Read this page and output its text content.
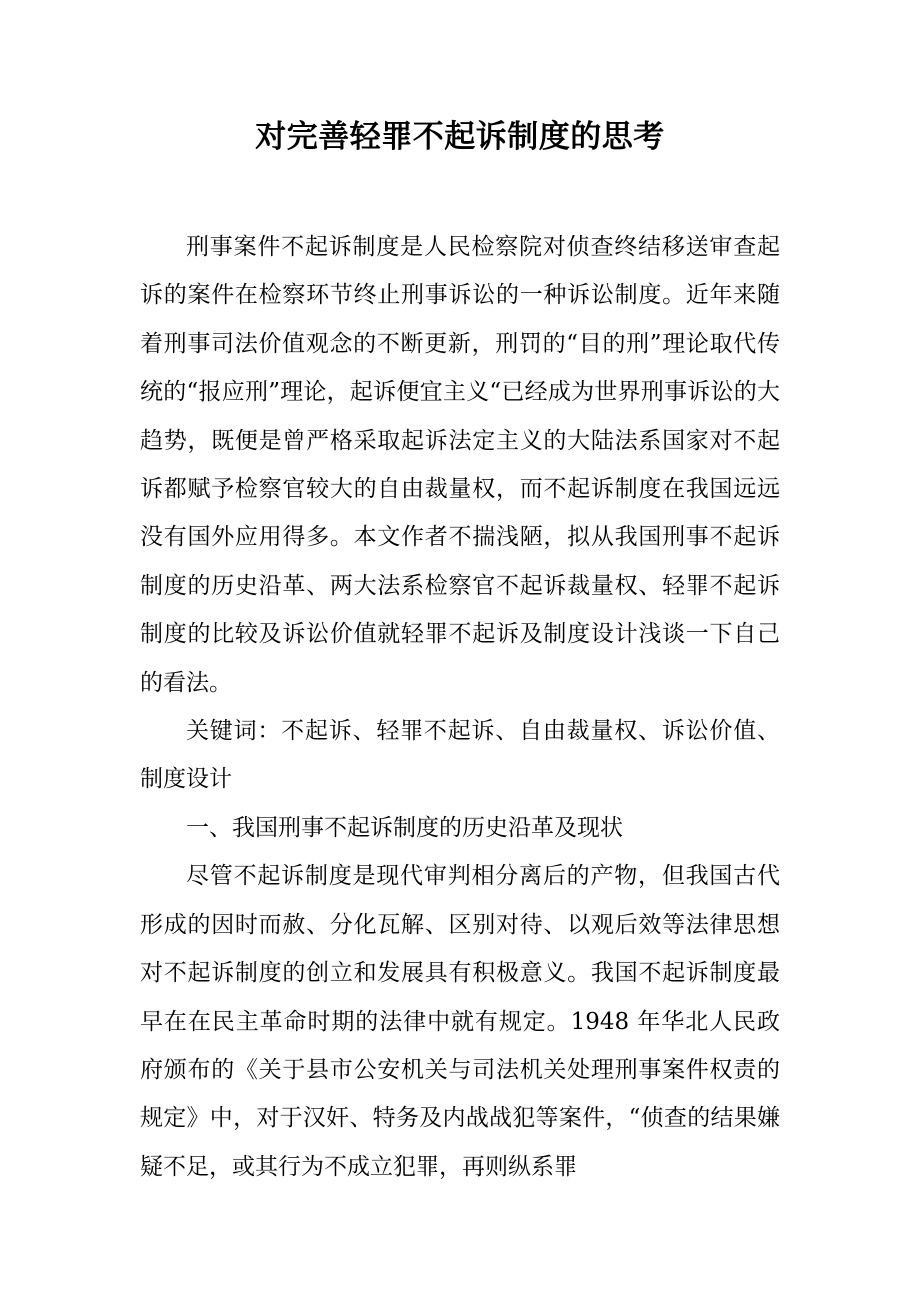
对完善轻罪不起诉制度的思考

刑事案件不起诉制度是人民检察院对侦查终结移送审查起诉的案件在检察环节终止刑事诉讼的一种诉讼制度。近年来随着刑事司法价值观念的不断更新，刑罚的“目的刑”理论取代传统的“报应刑”理论，起诉便宜主义“已经成为世界刑事诉讼的大趋势，既便是曾严格采取起诉法定主义的大陆法系国家对不起诉都赋予检察官较大的自由裁量权，而不起诉制度在我国远远没有国外应用得多。本文作者不揣浅陋，拟从我国刑事不起诉制度的历史沿革、两大法系检察官不起诉裁量权、轻罪不起诉制度的比较及诉讼价值就轻罪不起诉及制度设计浅谈一下自己的看法。

关键词：不起诉、轻罪不起诉、自由裁量权、诉讼价值、制度设计

一、我国刑事不起诉制度的历史沿革及现状

尽管不起诉制度是现代审判相分离后的产物，但我国古代形成的因时而赦、分化瓦解、区别对待、以观后效等法律思想对不起诉制度的创立和发展具有积极意义。我国不起诉制度最早在在民主革命时期的法律中就有规定。1948 年华北人民政府颁布的《关于县市公安机关与司法机关处理刑事案件权责的规定》中，对于汉奸、特务及内战战犯等案件，“侦查的结果嫌疑不足，或其行为不成立犯罪，再则纵系罪
